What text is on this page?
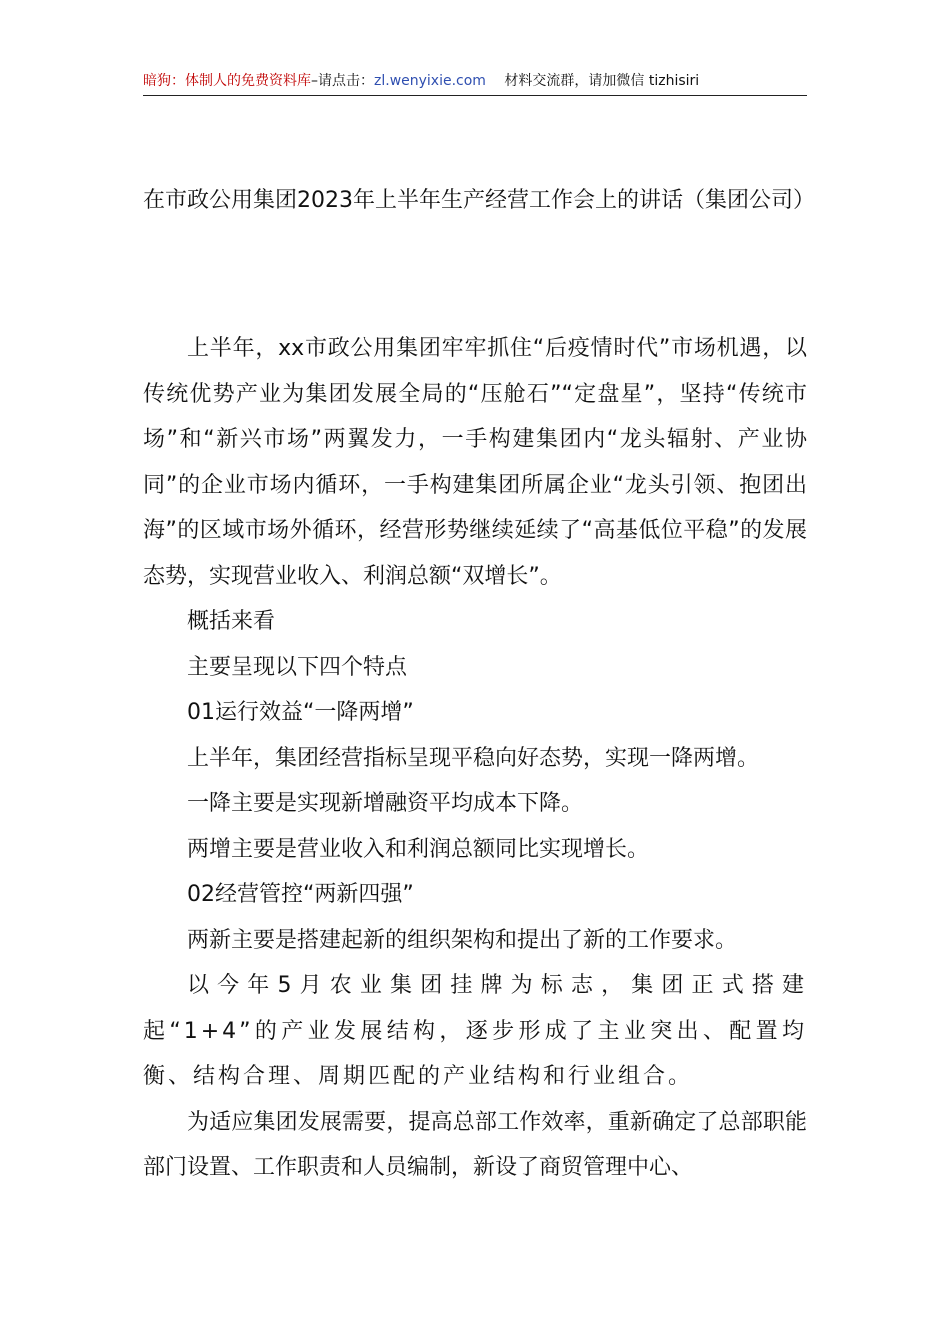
暗狗：体制人的免费资料库–请点击：zl.wenyixie.com 材料交流群，请加微信 tizhisiri
在市政公用集团2023年上半年生产经营工作会上的讲话（集团公司）

上半年，xx市政公用集团牢牢抓住“后疫情时代”市场机遇，以传统优势产业为集团发展全局的“压舱石”“定盘星”，坚持“传统市场”和“新兴市场”两翼发力，一手构建集团内“龙头辐射、产业协同”的企业市场内循环，一手构建集团所属企业“龙头引领、抱团出海”的区域市场外循环，经营形势继续延续了“高基低位平稳”的发展态势，实现营业收入、利润总额“双增长”。

概括来看

主要呈现以下四个特点

01运行效益“一降两增”

上半年，集团经营指标呈现平稳向好态势，实现一降两增。

一降主要是实现新增融资平均成本下降。

两增主要是营业收入和利润总额同比实现增长。

02经营管控“两新四强”

两新主要是搭建起新的组织架构和提出了新的工作要求。

以今年5月农业集团挂牌为标志，集团正式搭建起“1+4”的产业发展结构，逐步形成了主业突出、配置均衡、结构合理、周期匹配的产业结构和行业组合。

为适应集团发展需要，提高总部工作效率，重新确定了总部职能部门设置、工作职责和人员编制，新设了商贸管理中心、
